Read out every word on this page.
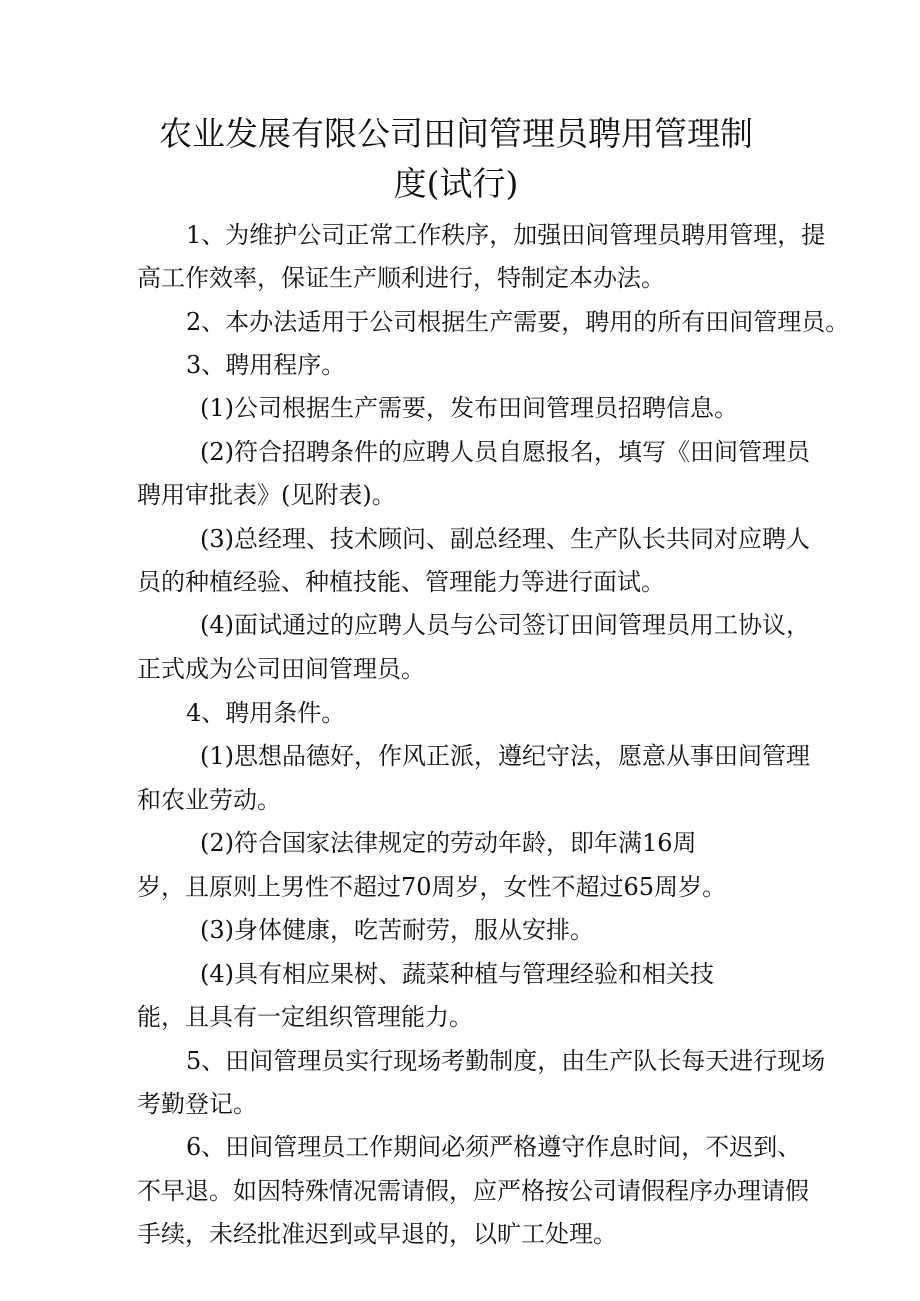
农业发展有限公司田间管理员聘用管理制
度(试行)
1、为维护公司正常工作秩序，加强田间管理员聘用管理，提
高工作效率，保证生产顺利进行，特制定本办法。
2、本办法适用于公司根据生产需要，聘用的所有田间管理员。
3、聘用程序。
(1)公司根据生产需要，发布田间管理员招聘信息。
(2)符合招聘条件的应聘人员自愿报名，填写《田间管理员
聘用审批表》(见附表)。
(3)总经理、技术顾问、副总经理、生产队长共同对应聘人
员的种植经验、种植技能、管理能力等进行面试。
(4)面试通过的应聘人员与公司签订田间管理员用工协议，
正式成为公司田间管理员。
4、聘用条件。
(1)思想品德好，作风正派，遵纪守法，愿意从事田间管理
和农业劳动。
(2)符合国家法律规定的劳动年龄，即年满16周
岁，且原则上男性不超过70周岁，女性不超过65周岁。
(3)身体健康，吃苦耐劳，服从安排。
(4)具有相应果树、蔬菜种植与管理经验和相关技
能，且具有一定组织管理能力。
5、田间管理员实行现场考勤制度，由生产队长每天进行现场
考勤登记。
6、田间管理员工作期间必须严格遵守作息时间，不迟到、
不早退。如因特殊情况需请假，应严格按公司请假程序办理请假
手续，未经批准迟到或早退的，以旷工处理。
